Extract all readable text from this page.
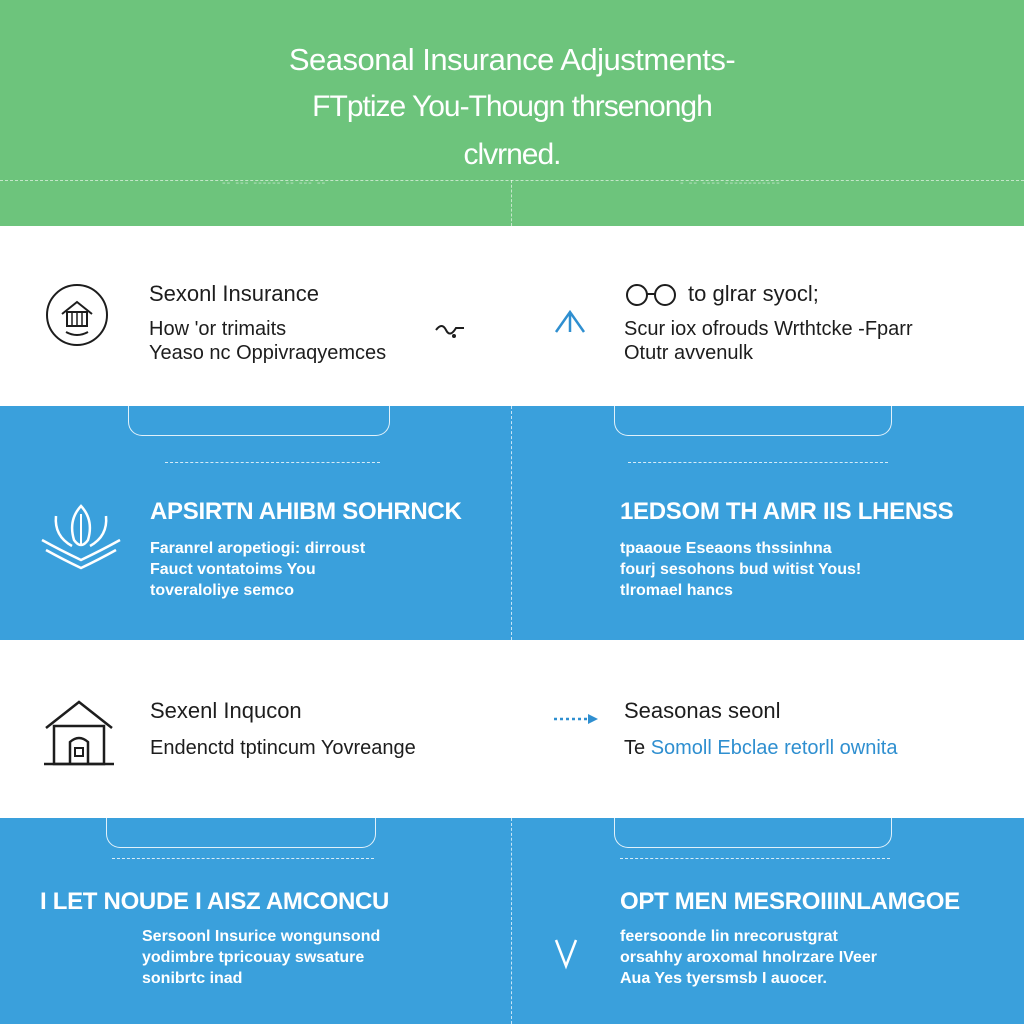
Seasonal Insurance Adjustments-
FTptize You-Thougn thrsenongh
clvrned.
-- --- ------ -- --- --	- -- ---- ------------
Sexonl Insurance
How 'or trimaits
Yeaso nc Oppivraqyemces
to glrar syocl;
Scur iox ofrouds Wrthtcke -Fparr
Otutr avvenulk
APSIRTN AHIBM SOHRNCK
Faranrel aropetiogi: dirroust
Fauct vontatoims You
toveraloliye semco
1EDSOM TH AMR IIS LHENSS
tpaaoue Eseaons thssinhna
fourj sesohons bud witist Yous!
tlromael hancs
Sexenl Inqucon
Endenctd tptincum Yovreange
Seasonas seonl
Te Somoll Ebclae retorll ownita
I LET NOUDE I AISZ AMCONCU
Sersoonl Insurice wongunsond
yodimbre tpricouay swsature
sonibrtc inad
OPT MEN MESROIIINLAMGOE
feersoonde lin nrecorustgrat
orsahhy aroxomal hnolrzare IVeer
Aua Yes tyersmsb I auocer.
